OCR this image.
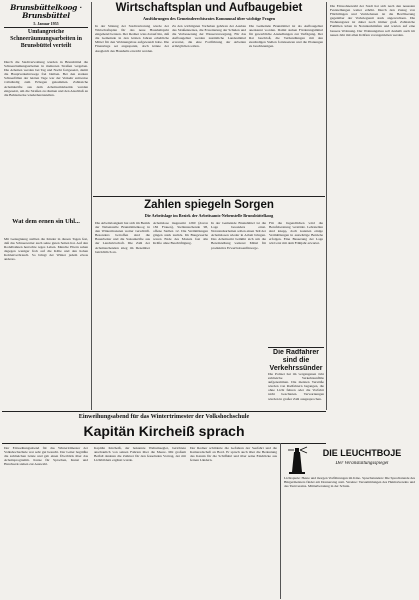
Brunsbüttelkoog · Brunsbüttel
5. Januar 1955
Umfangreiche Schneeräumungsarbeiten in Brunsbüttel verteilt
Durch die Stadtverwaltung wurden in Brunsbüttel die Schneeräumungsarbeiten in mehreren Straßen vergeben. Die Arbeiten werden bei Tag und Nacht fortgesetzt, damit die Hauptverkehrswege frei bleiben. Bei den starken Schneefällen der letzten Tage war der Verkehr zeitweise vollständig zum Erliegen gekommen. Zahlreiche Arbeitskräfte aus dem Arbeitsamtsbezirk wurden eingesetzt, um die Straßen zu räumen und den Anschluß an die Bahnstrecke wiederherzustellen.
Wat dem eenen sin Uhl...
Mit Genugtuung stellten die Kinder in diesen Tagen fest, daß das Schneewetter auch seine guten Seiten hat. Auf den Rodelbahnen herrschte reges Leben. Manche Eltern sahen dagegen weniger froh auf die Kälte und den hohen Kohlenverbrauch. So bringt der Winter jedem etwas anderes.
Wirtschaftsplan und Aufbaugebiet
Ausführungen des Gemeinderechtsrates Kommunal über wichtige Fragen
In der Sitzung der Stadtvertretung wurde der Wirtschaftsplan für das neue Haushaltsjahr eingehend beraten. Der Redner wies darauf hin, daß die Gemeinde in den letzten Jahren erhebliche Mittel für den Wohnungsbau aufgewandt habe. Die Finanzlage sei angespannt, doch könne der Ausgleich des Haushalts erreicht werden.
Zu den wichtigsten Vorhaben gehören der Ausbau des Straßennetzes, die Erweiterung der Schulen und die Verbesserung der Wasserversorgung. Für das Aufbaugebiet werden zusätzliche Landesmittel erwartet, die eine Fortführung der Arbeiten ermöglichen sollen.
Die Gemeinde Brunsbüttel ist als Aufbaugebiet anerkannt worden. Damit stehen Förderungsmittel für gewerbliche Ansiedlungen zur Verfügung. Der Rat beschloß, die Verhandlungen mit den zuständigen Stellen fortzusetzen und die Planungen zu beschleunigen.
Zahlen spiegeln Sorgen
Die Arbeitslage im Bezirk der Arbeitsamts-Nebenstelle Brunsbüttelkoog
Die Arbeitslosigkeit hat sich im Bezirk der Nebenstelle Brunsbüttelkoog in den Wintermonaten weiter verschärft. Besonders betroffen sind die Bauarbeiter und die Saisonkräfte aus der Landwirtschaft. Die Zahl der Arbeitsuchenden stieg im Dezember beträchtlich an.
Arbeitslose insgesamt 1260 (davon 182 Frauen), Stellensuchende 98, offene Stellen 12. Die Vermittlungen gingen stark zurück. Im Baugewerbe waren Ende des Monats fast alle Kräfte ohne Beschäftigung.
In der Gemeinde Brunsbüttel ist die Lage besonders ernst. Notstandsarbeiten sollen einen Teil der Arbeitslosen wieder in Arbeit bringen. Das Arbeitsamt bemüht sich um die Bereitstellung weiterer Mittel für produktive Erwerbslosenfürsorge.
Für die Jugendlichen wird die Berufsberatung verstärkt. Lehrstellen sind knapp, doch konnten einige Vermittlungen in auswärtige Betriebe erfolgen. Eine Besserung der Lage wird erst mit dem Frühjahr erwartet.
Die Radfahrer sind die Verkehrssünder
Die Polizei hat im vergangenen Jahr zahlreiche Verkehrsunfälle aufgenommen. Die meisten Verstöße wurden von Radfahrern begangen, die ohne Licht fuhren oder die Vorfahrt nicht beachteten. Verwarnungen wurden in großer Zahl ausgesprochen.
Die Einwohnerzahl der Stadt hat sich nach den neuesten Feststellungen weiter erhöht. Durch den Zuzug von Flüchtlingen und Vertriebenen ist die Bevölkerung gegenüber der Vorkriegszeit stark angewachsen. Die Wohnungsnot ist daher noch immer groß. Zahlreiche Familien leben in Notunterkünften und warten auf eine bessere Wohnung. Der Wohnungsbau soll deshalb auch im neuen Jahr mit allen Kräften vorangetrieben werden.
Einweihungsabend für das Wintertrimester der Volkshochschule
Kapitän Kircheiß sprach
Der Einweihungsabend für das Wintertrimester der Volkshochschule war sehr gut besucht. Der Leiter begrüßte die zahlreichen Gäste und gab einen Überblick über das Arbeitsprogramm. Kurse für Sprachen, Kunst und Handwerk stehen zur Auswahl.
Kapitän Kircheiß, der bekannte Weltumsegler, berichtete anschaulich von seinen Fahrten über die Meere. Mit großem Beifall dankten die Zuhörer für den fesselnden Vortrag, der mit Lichtbildern ergänzt wurde.
Der Redner schilderte die Gefahren der Seefahrt und die Kameradschaft an Bord. Er sprach auch über die Bedeutung des Kanals für die Schiffahrt und über seine Eindrücke aus fernen Ländern.
DIE LEUCHTBOJE
Der Veranstaltungsspiegel
Lichtspiele: Heute und morgen Vorführungen im Kino. Sprechstunden: Die Sprechstunde des Bürgermeisters findet am Donnerstag statt. Vereine: Versammlungen des Heimatvereins und des Turnvereins. Mütterberatung in der Schule.
